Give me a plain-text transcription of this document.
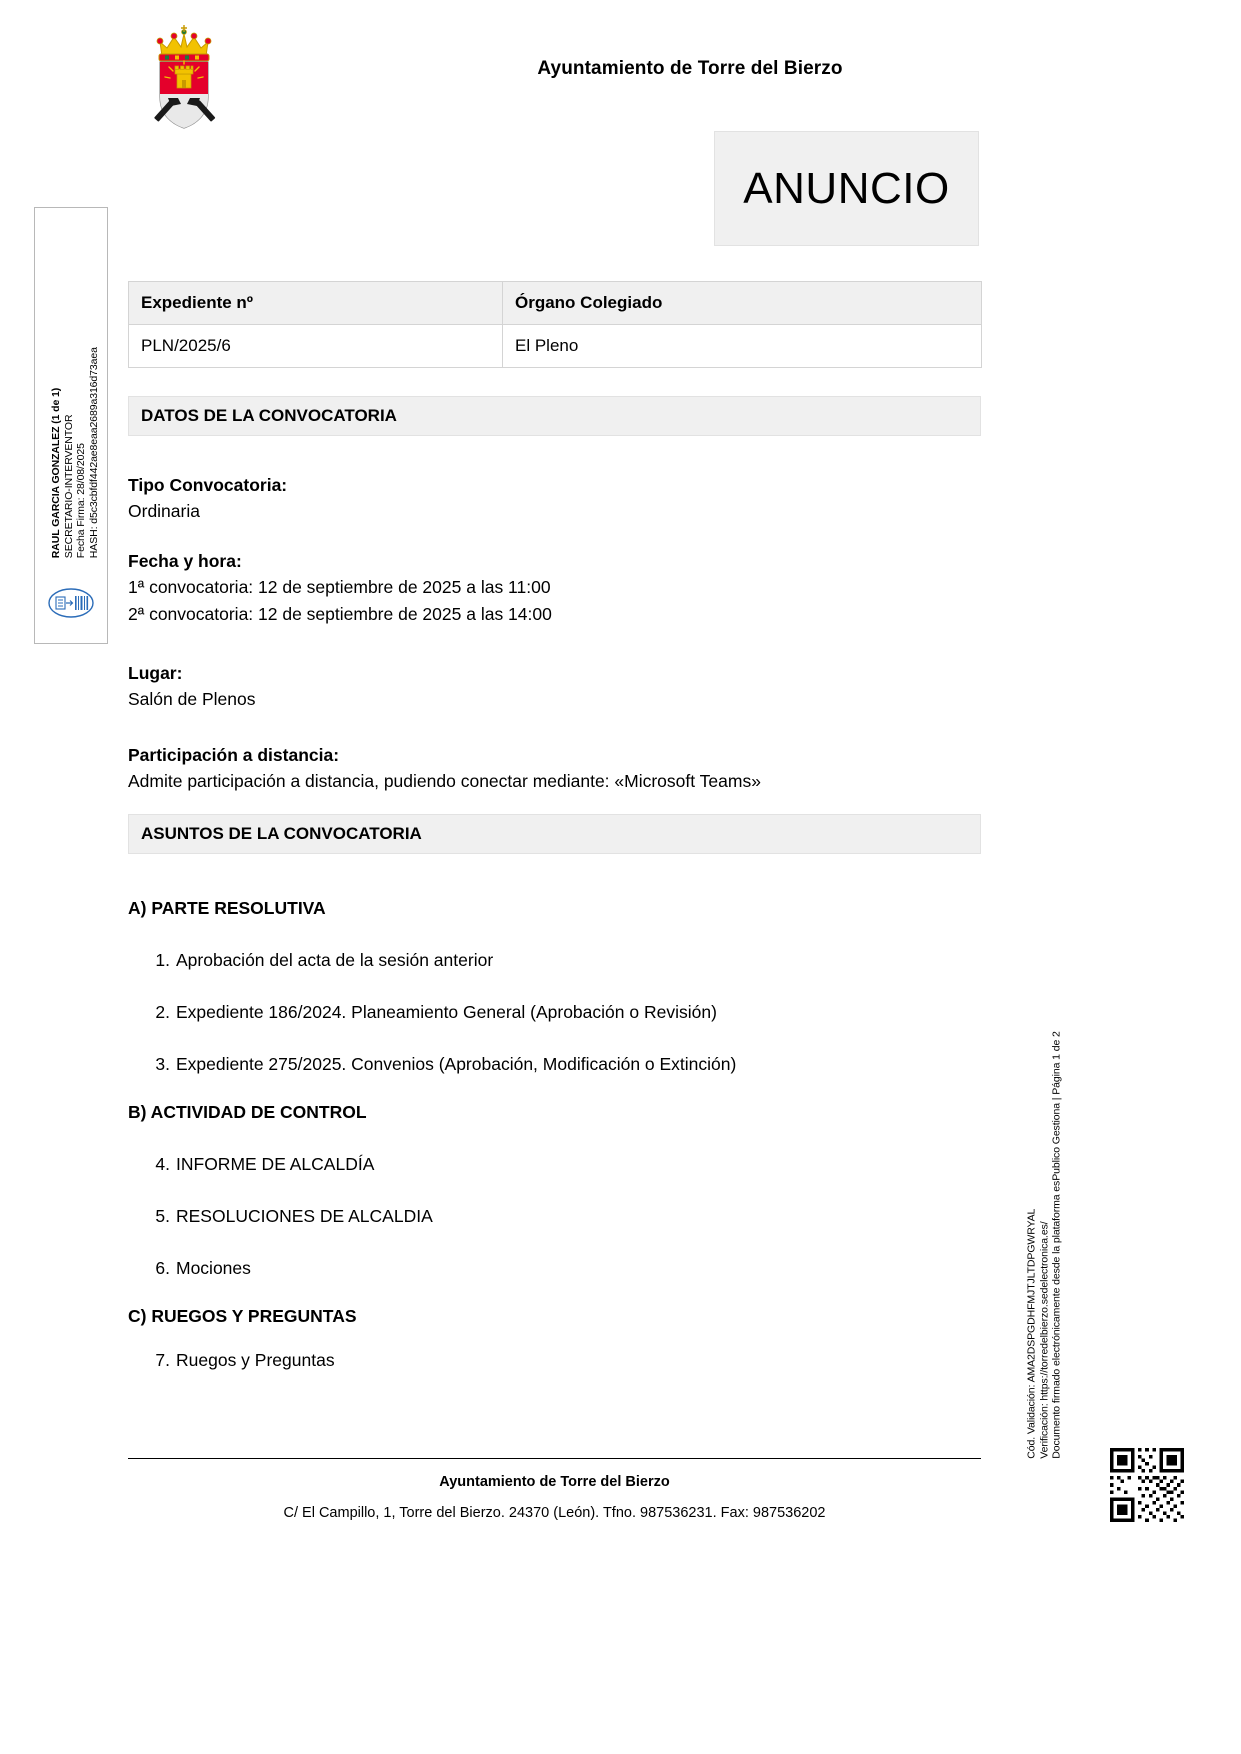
Ayuntamiento de Torre del Bierzo
RAUL GARCIA GONZALEZ (1 de 1) SECRETARIO-INTERVENTOR Fecha Firma: 28/08/2025 HASH: d5c3cbfdf442ae8eaa2689a316d73aea
ANUNCIO
Expediente nº	Órgano Colegiado
PLN/2025/6	El Pleno
DATOS DE LA CONVOCATORIA
Tipo Convocatoria:
Ordinaria
Fecha y hora:
1ª convocatoria: 12 de septiembre de 2025 a las 11:00
2ª convocatoria: 12 de septiembre de 2025 a las 14:00
Lugar:
Salón de Plenos
Participación a distancia:
Admite participación a distancia, pudiendo conectar mediante: «Microsoft Teams»
ASUNTOS DE LA CONVOCATORIA
A) PARTE RESOLUTIVA
1. Aprobación del acta de la sesión anterior
2. Expediente 186/2024. Planeamiento General (Aprobación o Revisión)
3. Expediente 275/2025. Convenios (Aprobación, Modificación o Extinción)
B) ACTIVIDAD DE CONTROL
4. INFORME DE ALCALDÍA
5. RESOLUCIONES DE ALCALDIA
6. Mociones
C) RUEGOS Y PREGUNTAS
7. Ruegos y Preguntas	Cód. Validación: AMA2DSPGDHFMJTJLTDPGWRYAL Verificación: https://torredelbierzo.sedelectronica.es/ Documento firmado electrónicamente desde la plataforma esPublico Gestiona | Página 1 de 2
Ayuntamiento de Torre del Bierzo
C/ El Campillo, 1, Torre del Bierzo. 24370 (León). Tfno. 987536231. Fax: 987536202
